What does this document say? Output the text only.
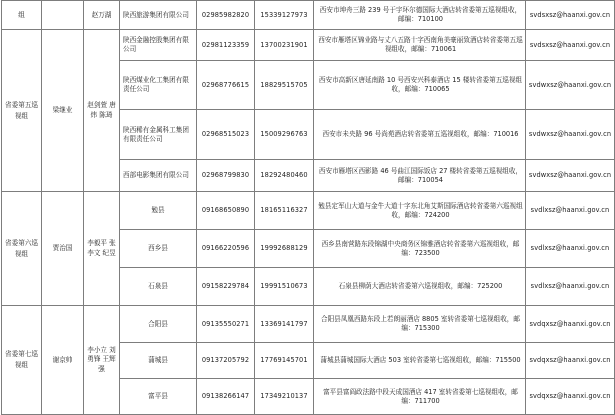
组		赵万湖	陕西旅游集团有限公司	02985982820	15339127973	西安市坤舟三路 239 号于宇环尔德国际大酒店转省委第五巡视组收，邮编：710100	svdsxsz@haanxi.gov.cn
省委第五巡视组	梁继业	赵剑萱 唐炜 陈琦	陕西金融控股集团有限公司	02981123359	13700231901	西安市雁塔区锦业路与丈八五路十字西南角美豪丽致酒店转省委第五巡视组收，邮编：710061	svdsxsz@haanxi.gov.cn
			陕西煤业化工集团有限责任公司	02968776615	18829515705	西安市高新区唐延南路 10 号西安兴科泰酒店 15 楼转省委第五巡视组收，邮编：710065	svdwxsz@haanxi.gov.cn
			陕西稀有金属科工集团有限责任公司	02968515023	15009296763	西安市未央路 96 号尚苑酒店转省委第五巡视组收，邮编：710016	svdwxsz@haanxi.gov.cn
			西部电影集团有限公司	02968799830	18292480460	西安市雁塔区西影路 46 号曲江国际饭店 27 楼转省委第五巡视组收，邮编：710054	svdwxsz@haanxi.gov.cn
省委第六巡视组	贾治国	李毅平 张李文 纪昱	勉县	09168650890	18165116327	勉县定军山大道与金牛大道十字东北角艾斯国际酒店转省委第六巡视组收，邮编：724200	svdlxsz@haanxi.gov.cn
			西乡县	09166220596	19992688129	西乡县南营路东段锦湖中央商务区锦雅酒店转省委第六巡视组收，邮编：723500	svdlxsz@haanxi.gov.cn
			石泉县	09158229784	19991510673	石泉县柳荫大酒店转省委第六巡视组收，邮编：725200	svdlxsz@haanxi.gov.cn
省委第七巡视组	谢京帅	李小立 刘勇锋 王辉强	合阳县	09135550271	13369141797	合阳县凤凰西路东段上若朗丽酒店 8805 室转省委第七巡视组收，邮编：715300	svdqxsz@haanxi.gov.cn
			蒲城县	09137205792	17769145701	蒲城县蒲城国际大酒店 503 室转省委第七巡视组收，邮编：715500	svdqxsz@haanxi.gov.cn
			富平县	09138266147	17349210137	富平县富阎政法路中段天成国酒店 417 室转省委第七巡视组收，邮编：711700	svdqxsz@haanxi.gov.cn
